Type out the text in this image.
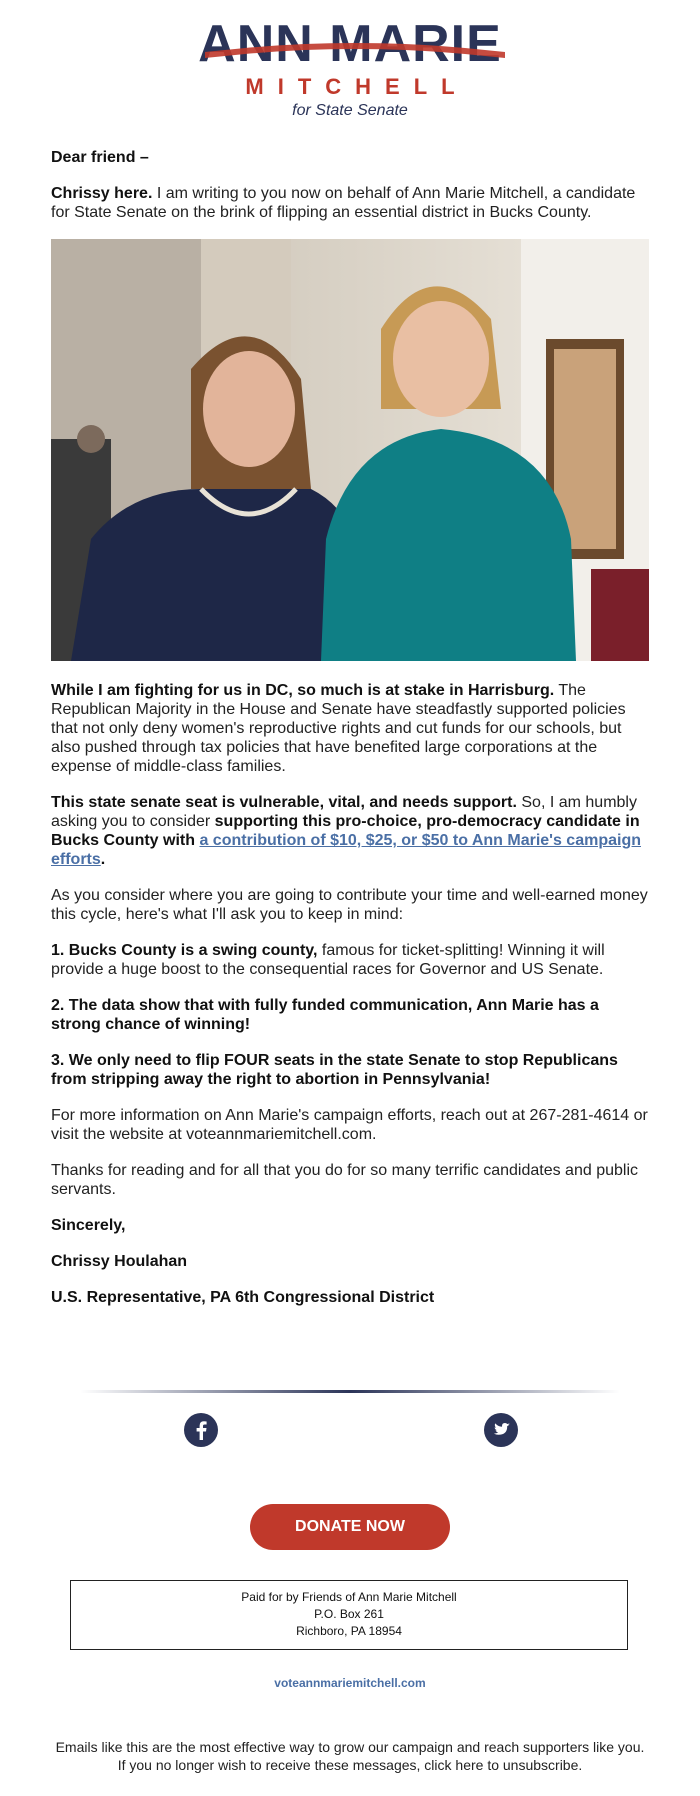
ANN MARIE
MITCHELL
for State Senate

Dear friend –

Chrissy here. I am writing to you now on behalf of Ann Marie Mitchell, a candidate for State Senate on the brink of flipping an essential district in Bucks County.

While I am fighting for us in DC, so much is at stake in Harrisburg. The Republican Majority in the House and Senate have steadfastly supported policies that not only deny women's reproductive rights and cut funds for our schools, but also pushed through tax policies that have benefited large corporations at the expense of middle-class families.

This state senate seat is vulnerable, vital, and needs support. So, I am humbly asking you to consider supporting this pro-choice, pro-democracy candidate in Bucks County with a contribution of $10, $25, or $50 to Ann Marie's campaign efforts.

As you consider where you are going to contribute your time and well-earned money this cycle, here's what I'll ask you to keep in mind:

1. Bucks County is a swing county, famous for ticket-splitting! Winning it will provide a huge boost to the consequential races for Governor and US Senate.

2. The data show that with fully funded communication, Ann Marie has a strong chance of winning!

3. We only need to flip FOUR seats in the state Senate to stop Republicans from stripping away the right to abortion in Pennsylvania!

For more information on Ann Marie's campaign efforts, reach out at 267-281-4614 or visit the website at voteannmariemitchell.com.

Thanks for reading and for all that you do for so many terrific candidates and public servants.

Sincerely,

Chrissy Houlahan

U.S. Representative, PA 6th Congressional District

DONATE NOW
Paid for by Friends of Ann Marie Mitchell
P.O. Box 261
Richboro, PA 18954
voteannmariemitchell.com
Emails like this are the most effective way to grow our campaign and reach supporters like you.
If you no longer wish to receive these messages, click here to unsubscribe.
